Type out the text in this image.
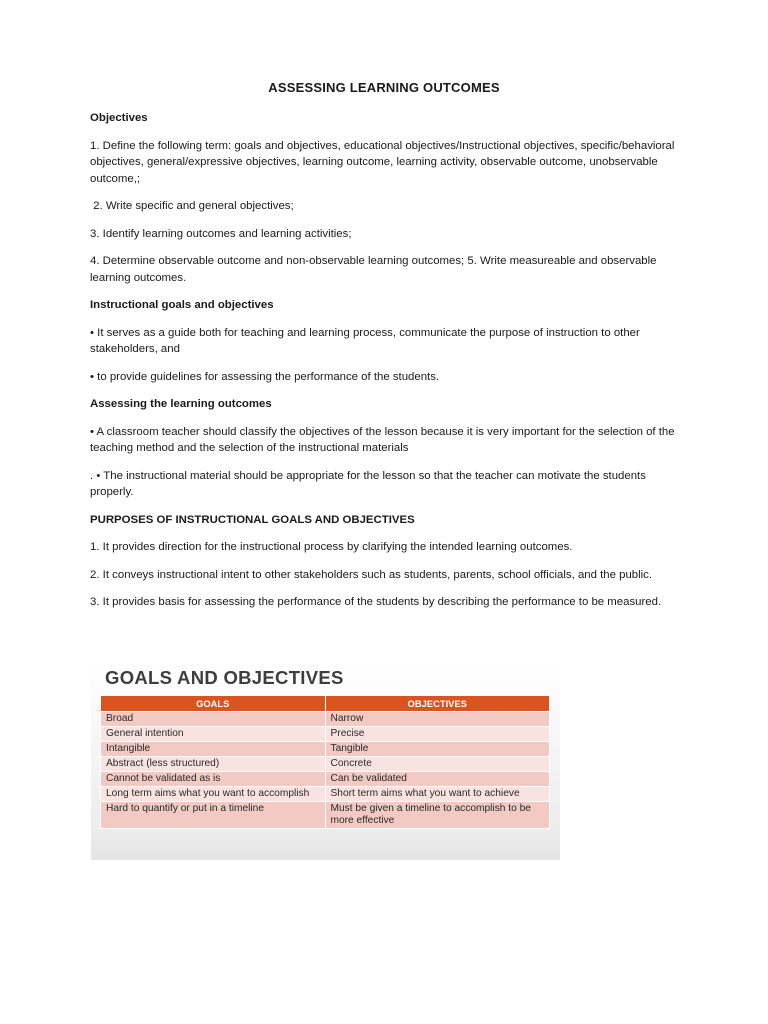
ASSESSING LEARNING OUTCOMES

Objectives

1. Define the following term: goals and objectives, educational objectives/Instructional objectives, specific/behavioral objectives, general/expressive objectives, learning outcome, learning activity, observable outcome, unobservable outcome,;

2. Write specific and general objectives;

3. Identify learning outcomes and learning activities;

4. Determine observable outcome and non-observable learning outcomes; 5. Write measureable and observable learning outcomes.

Instructional goals and objectives

• It serves as a guide both for teaching and learning process, communicate the purpose of instruction to other stakeholders, and

• to provide guidelines for assessing the performance of the students.

Assessing the learning outcomes

• A classroom teacher should classify the objectives of the lesson because it is very important for the selection of the teaching method and the selection of the instructional materials

. • The instructional material should be appropriate for the lesson so that the teacher can motivate the students properly.

PURPOSES OF INSTRUCTIONAL GOALS AND OBJECTIVES

1. It provides direction for the instructional process by clarifying the intended learning outcomes.

2. It conveys instructional intent to other stakeholders such as students, parents, school officials, and the public.

3. It provides basis for assessing the performance of the students by describing the performance to be measured.

GOALS AND OBJECTIVES
GOALS	OBJECTIVES
Broad	Narrow
General intention	Precise
Intangible	Tangible
Abstract (less structured)	Concrete
Cannot be validated as is	Can be validated
Long term aims what you want to accomplish	Short term aims what you want to achieve
Hard to quantify or put in a timeline	Must be given a timeline to accomplish to be more effective
